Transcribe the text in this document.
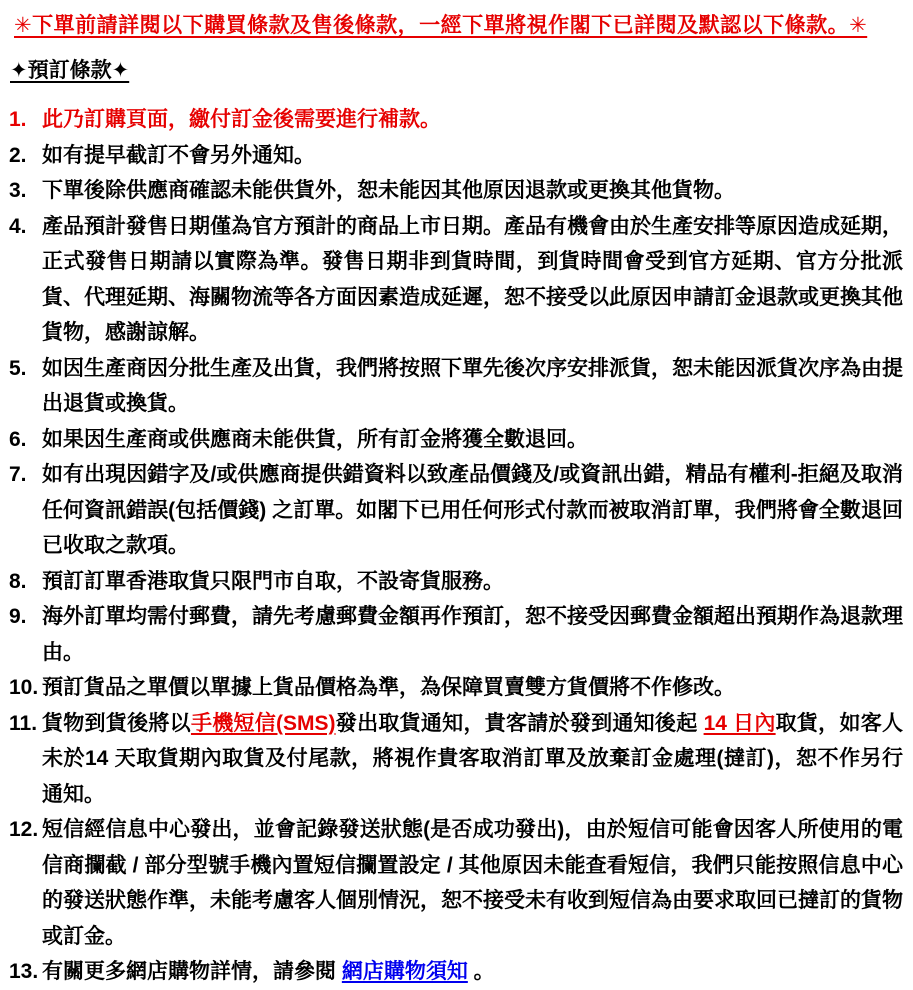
✳下單前請詳閱以下購買條款及售後條款，一經下單將視作閣下已詳閱及默認以下條款。✳
✦預訂條款✦
1. 此乃訂購頁面，繳付訂金後需要進行補款。
2. 如有提早截訂不會另外通知。
3. 下單後除供應商確認未能供貨外，恕未能因其他原因退款或更換其他貨物。
4. 產品預計發售日期僅為官方預計的商品上市日期。產品有機會由於生產安排等原因造成延期，正式發售日期請以實際為準。發售日期非到貨時間，到貨時間會受到官方延期、官方分批派貨、代理延期、海關物流等各方面因素造成延遲，恕不接受以此原因申請訂金退款或更換其他貨物，感謝諒解。
5. 如因生產商因分批生產及出貨，我們將按照下單先後次序安排派貨，恕未能因派貨次序為由提出退貨或換貨。
6. 如果因生產商或供應商未能供貨，所有訂金將獲全數退回。
7. 如有出現因錯字及/或供應商提供錯資料以致產品價錢及/或資訊出錯，精品有權利-拒絕及取消任何資訊錯誤(包括價錢) 之訂單。如閣下已用任何形式付款而被取消訂單，我們將會全數退回已收取之款項。
8. 預訂訂單香港取貨只限門市自取，不設寄貨服務。
9. 海外訂單均需付郵費，請先考慮郵費金額再作預訂，恕不接受因郵費金額超出預期作為退款理由。
10. 預訂貨品之單價以單據上貨品價格為準，為保障買賣雙方貨價將不作修改。
11. 貨物到貨後將以手機短信(SMS)發出取貨通知，貴客請於發到通知後起 14 日內取貨，如客人未於14 天取貨期內取貨及付尾款，將視作貴客取消訂單及放棄訂金處理(撻訂)，恕不作另行通知。
12. 短信經信息中心發出，並會記錄發送狀態(是否成功發出)，由於短信可能會因客人所使用的電信商攔截 / 部分型號手機內置短信攔置設定 / 其他原因未能查看短信，我們只能按照信息中心的發送狀態作準，未能考慮客人個別情況，恕不接受未有收到短信為由要求取回已撻訂的貨物或訂金。
13. 有關更多網店購物詳情，請參閱 網店購物須知 。
